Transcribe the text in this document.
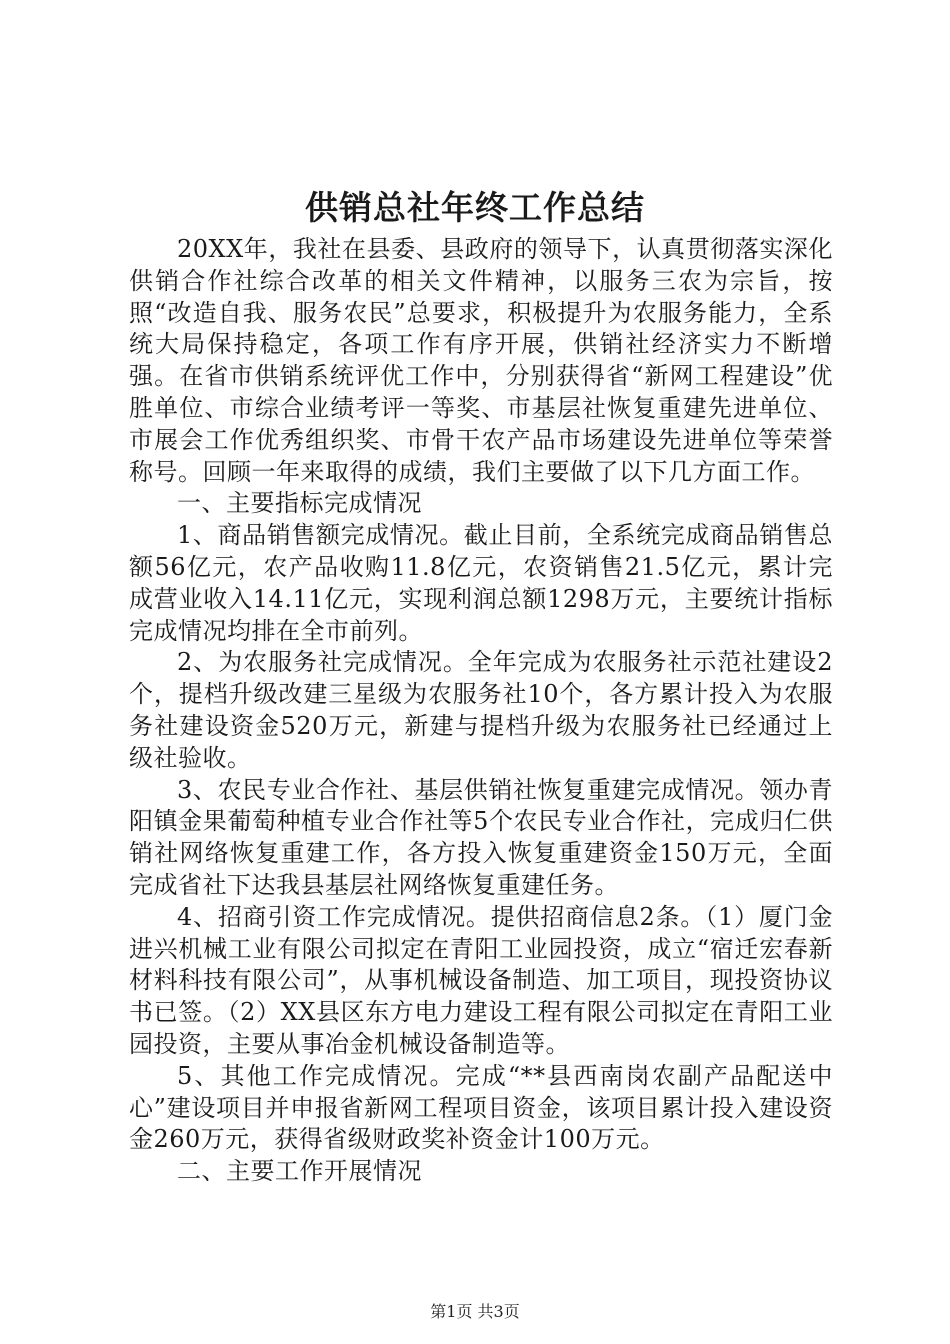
供销总社年终工作总结

20XX年，我社在县委、县政府的领导下，认真贯彻落实深化供销合作社综合改革的相关文件精神，以服务三农为宗旨，按照“改造自我、服务农民”总要求，积极提升为农服务能力，全系统大局保持稳定，各项工作有序开展，供销社经济实力不断增强。在省市供销系统评优工作中，分别获得省“新网工程建设”优胜单位、市综合业绩考评一等奖、市基层社恢复重建先进单位、市展会工作优秀组织奖、市骨干农产品市场建设先进单位等荣誉称号。回顾一年来取得的成绩，我们主要做了以下几方面工作。

一、主要指标完成情况

1、商品销售额完成情况。截止目前，全系统完成商品销售总额56亿元，农产品收购11.8亿元，农资销售21.5亿元，累计完成营业收入14.11亿元，实现利润总额1298万元，主要统计指标完成情况均排在全市前列。

2、为农服务社完成情况。全年完成为农服务社示范社建设2个，提档升级改建三星级为农服务社10个，各方累计投入为农服务社建设资金520万元，新建与提档升级为农服务社已经通过上级社验收。

3、农民专业合作社、基层供销社恢复重建完成情况。领办青阳镇金果葡萄种植专业合作社等5个农民专业合作社，完成归仁供销社网络恢复重建工作，各方投入恢复重建资金150万元，全面完成省社下达我县基层社网络恢复重建任务。

4、招商引资工作完成情况。提供招商信息2条。（1）厦门金进兴机械工业有限公司拟定在青阳工业园投资，成立“宿迁宏春新材料科技有限公司”，从事机械设备制造、加工项目，现投资协议书已签。（2）XX县区东方电力建设工程有限公司拟定在青阳工业园投资，主要从事冶金机械设备制造等。

5、其他工作完成情况。完成“**县西南岗农副产品配送中心”建设项目并申报省新网工程项目资金，该项目累计投入建设资金260万元，获得省级财政奖补资金计100万元。

二、主要工作开展情况

第1页 共3页
